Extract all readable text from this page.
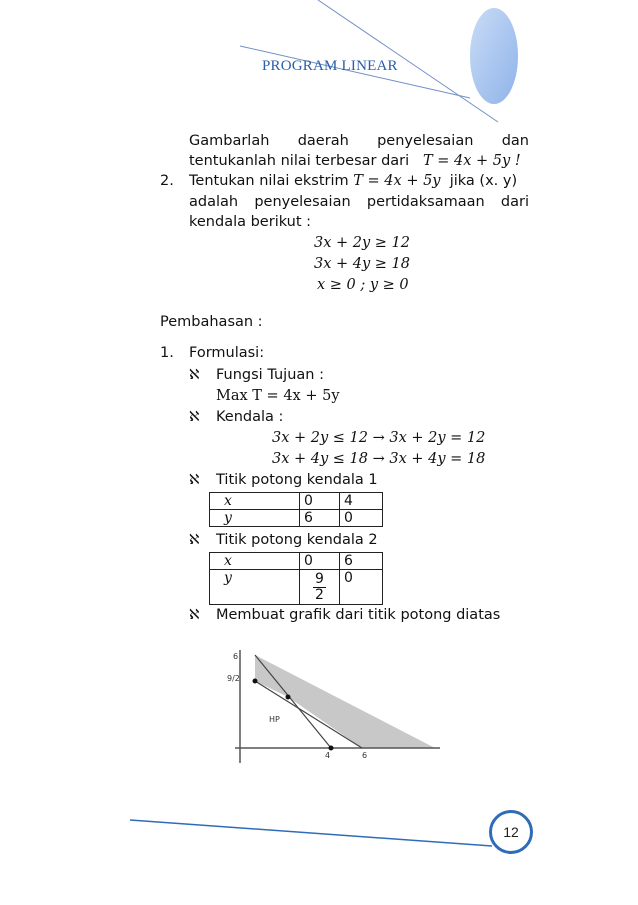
PROGRAM LINEAR
Gambarlah daerah penyelesaian dan
tentukanlah nilai terbesar dari T = 4x + 5y !
2. Tentukan nilai ekstrim T = 4x + 5y jika (x. y)
adalah penyelesaian pertidaksamaan dari
kendala berikut :
3x + 2y ≥ 12
3x + 4y ≥ 18
x ≥ 0 ; y ≥ 0
Pembahasan :
1. Formulasi:
ℵ Fungsi Tujuan :
Max T = 4x + 5y
ℵ Kendala :
3x + 2y ≤ 12 → 3x + 2y = 12
3x + 4y ≤ 18 → 3x + 4y = 18
ℵ Titik potong kendala 1
x	0	4
y	6	0
ℵ Titik potong kendala 2
x	0	6
y	$\frac{9}{2}$	0
ℵ Membuat grafik dari titik potong diatas
6
9/2
4	6
HP
12
